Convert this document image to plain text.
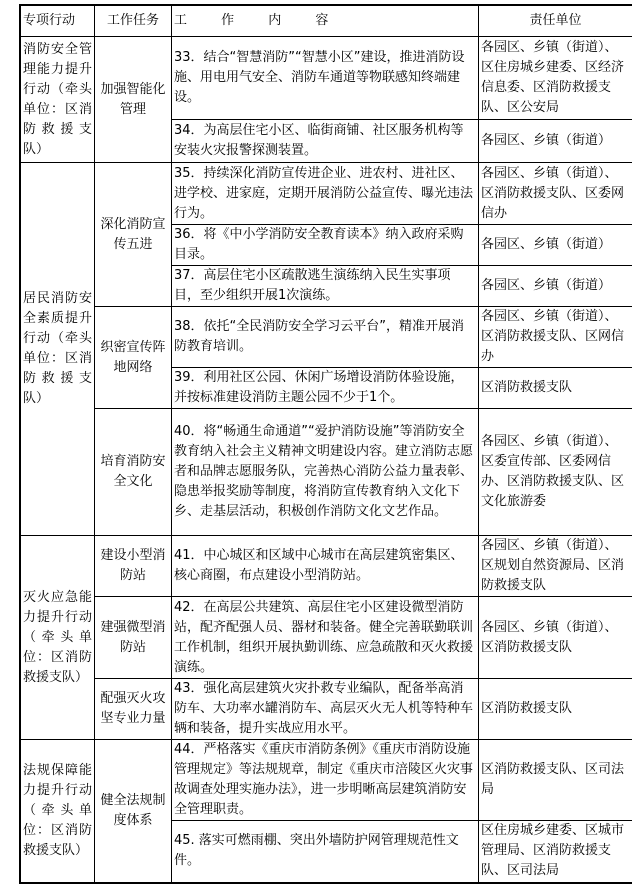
专项行动	工作任务	工 作 内 容	责任单位
消防安全管理能力提升行动（牵头单位：区消防救援支队）	加强智能化管理	33．结合“智慧消防”“智慧小区”建设，推进消防设施、用电用气安全、消防车通道等物联感知终端建设。	各园区、乡镇（街道）、区住房城乡建委、区经济信息委、区消防救援支队、区公安局
		34．为高层住宅小区、临街商铺、社区服务机构等安装火灾报警探测装置。	各园区、乡镇（街道）
居民消防安全素质提升行动（牵头单位：区消防救援支队）	深化消防宣传五进	35．持续深化消防宣传进企业、进农村、进社区、进学校、进家庭，定期开展消防公益宣传、曝光违法行为。	各园区、乡镇（街道）、区消防救援支队、区委网信办
		36．将《中小学消防安全教育读本》纳入政府采购目录。	各园区、乡镇（街道）
		37．高层住宅小区疏散逃生演练纳入民生实事项目，至少组织开展1次演练。	各园区、乡镇（街道）
	织密宣传阵地网络	38．依托“全民消防安全学习云平台”，精准开展消防教育培训。	各园区、乡镇（街道）、区消防救援支队、区网信办
		39．利用社区公园、休闲广场增设消防体验设施，并按标准建设消防主题公园不少于1个。	区消防救援支队
	培育消防安全文化	40．将“畅通生命通道”“爱护消防设施”等消防安全教育纳入社会主义精神文明建设内容。建立消防志愿者和品牌志愿服务队，完善热心消防公益力量表彰、隐患举报奖励等制度，将消防宣传教育纳入文化下乡、走基层活动，积极创作消防文化文艺作品。	各园区、乡镇（街道）、区委宣传部、区委网信办、区消防救援支队、区文化旅游委
灭火应急能力提升行动（牵头单位：区消防救援支队）	建设小型消防站	41．中心城区和区域中心城市在高层建筑密集区、核心商圈，布点建设小型消防站。	各园区、乡镇（街道）、区规划自然资源局、区消防救援支队
	建强微型消防站	42．在高层公共建筑、高层住宅小区建设微型消防站，配齐配强人员、器材和装备。健全完善联勤联训工作机制，组织开展执勤训练、应急疏散和灭火救援演练。	各园区、乡镇（街道）、区消防救援支队
	配强灭火攻坚专业力量	43．强化高层建筑火灾扑救专业编队，配备举高消防车、大功率水罐消防车、高层灭火无人机等特种车辆和装备，提升实战应用水平。	区消防救援支队
法规保障能力提升行动（牵头单位：区消防救援支队）	健全法规制度体系	44．严格落实《重庆市消防条例》《重庆市消防设施管理规定》等法规规章，制定《重庆市涪陵区火灾事故调查处理实施办法》，进一步明晰高层建筑消防安全管理职责。	区消防救援支队、区司法局
		45. 落实可燃雨棚、突出外墙防护网管理规范性文件。	区住房城乡建委、区城市管理局、区消防救援支队、区司法局
